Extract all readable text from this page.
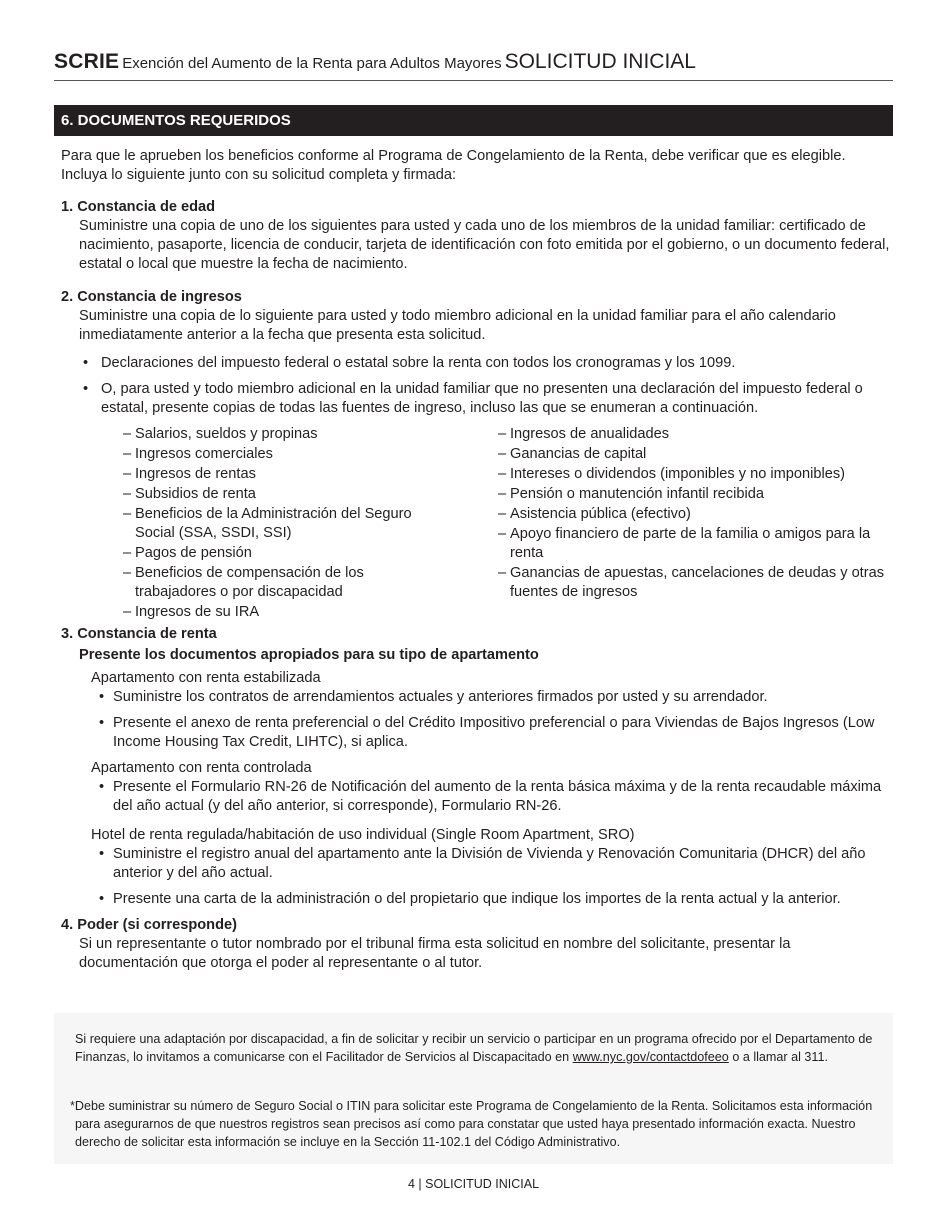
SCRIE Exención del Aumento de la Renta para Adultos Mayores SOLICITUD INICIAL
6. DOCUMENTOS REQUERIDOS

Para que le aprueben los beneficios conforme al Programa de Congelamiento de la Renta, debe verificar que es elegible. Incluya lo siguiente junto con su solicitud completa y firmada:

1. Constancia de edad

Suministre una copia de uno de los siguientes para usted y cada uno de los miembros de la unidad familiar: certificado de nacimiento, pasaporte, licencia de conducir, tarjeta de identificación con foto emitida por el gobierno, o un documento federal, estatal o local que muestre la fecha de nacimiento.

2. Constancia de ingresos

Suministre una copia de lo siguiente para usted y todo miembro adicional en la unidad familiar para el año calendario inmediatamente anterior a la fecha que presenta esta solicitud.

• Declaraciones del impuesto federal o estatal sobre la renta con todos los cronogramas y los 1099.
• O, para usted y todo miembro adicional en la unidad familiar que no presenten una declaración del impuesto federal o estatal, presente copias de todas las fuentes de ingreso, incluso las que se enumeran a continuación.
– Salarios, sueldos y propinas
– Ingresos comerciales
– Ingresos de rentas
– Subsidios de renta
– Beneficios de la Administración del Seguro Social (SSA, SSDI, SSI)
– Pagos de pensión
– Beneficios de compensación de los trabajadores o por discapacidad
– Ingresos de su IRA
– Ingresos de anualidades
– Ganancias de capital
– Intereses o dividendos (imponibles y no imponibles)
– Pensión o manutención infantil recibida
– Asistencia pública (efectivo)
– Apoyo financiero de parte de la familia o amigos para la renta
– Ganancias de apuestas, cancelaciones de deudas y otras fuentes de ingresos

3. Constancia de renta

Presente los documentos apropiados para su tipo de apartamento

Apartamento con renta estabilizada

• Suministre los contratos de arrendamientos actuales y anteriores firmados por usted y su arrendador.
• Presente el anexo de renta preferencial o del Crédito Impositivo preferencial o para Viviendas de Bajos Ingresos (Low Income Housing Tax Credit, LIHTC), si aplica.

Apartamento con renta controlada

• Presente el Formulario RN-26 de Notificación del aumento de la renta básica máxima y de la renta recaudable máxima del año actual (y del año anterior, si corresponde), Formulario RN-26.

Hotel de renta regulada/habitación de uso individual (Single Room Apartment, SRO)

• Suministre el registro anual del apartamento ante la División de Vivienda y Renovación Comunitaria (DHCR) del año anterior y del año actual.
• Presente una carta de la administración o del propietario que indique los importes de la renta actual y la anterior.

4. Poder (si corresponde)

Si un representante o tutor nombrado por el tribunal firma esta solicitud en nombre del solicitante, presentar la documentación que otorga el poder al representante o al tutor.

Si requiere una adaptación por discapacidad, a fin de solicitar y recibir un servicio o participar en un programa ofrecido por el Departamento de Finanzas, lo invitamos a comunicarse con el Facilitador de Servicios al Discapacitado en www.nyc.gov/contactdofeeo o a llamar al 311.

*Debe suministrar su número de Seguro Social o ITIN para solicitar este Programa de Congelamiento de la Renta. Solicitamos esta información para asegurarnos de que nuestros registros sean precisos así como para constatar que usted haya presentado información exacta. Nuestro derecho de solicitar esta información se incluye en la Sección 11-102.1 del Código Administrativo.

4 | SOLICITUD INICIAL
